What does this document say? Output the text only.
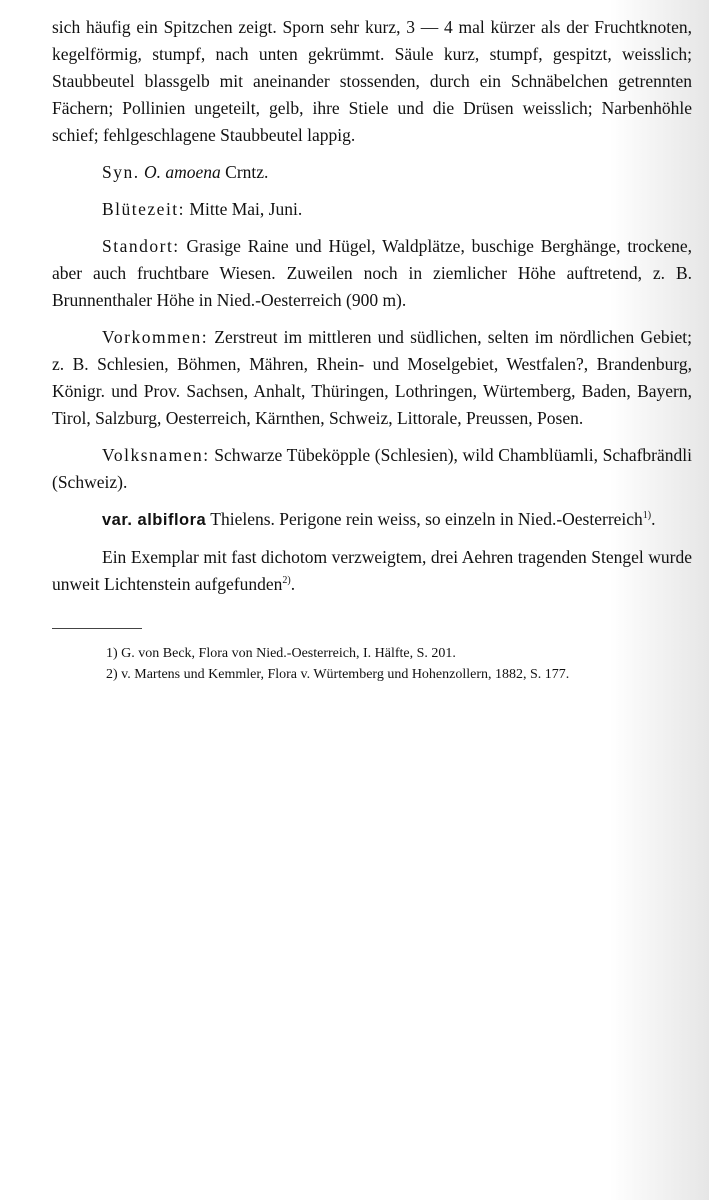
sich häufig ein Spitzchen zeigt. Sporn sehr kurz, 3 — 4 mal kürzer als der Fruchtknoten, kegelförmig, stumpf, nach unten gekrümmt. Säule kurz, stumpf, gespitzt, weisslich; Staubbeutel blassgelb mit aneinander stossenden, durch ein Schnäbelchen getrennten Fächern; Pollinien ungeteilt, gelb, ihre Stiele und die Drüsen weisslich; Narbenhöhle schief; fehlgeschlagene Staubbeutel lappig.

Syn. O. amoena Crntz.

Blütezeit: Mitte Mai, Juni.

Standort: Grasige Raine und Hügel, Waldplätze, buschige Berghänge, trockene, aber auch fruchtbare Wiesen. Zuweilen noch in ziemlicher Höhe auftretend, z. B. Brunnenthaler Höhe in Nied.-Oesterreich (900 m).

Vorkommen: Zerstreut im mittleren und südlichen, selten im nördlichen Gebiet; z. B. Schlesien, Böhmen, Mähren, Rhein- und Moselgebiet, Westfalen?, Brandenburg, Königr. und Prov. Sachsen, Anhalt, Thüringen, Lothringen, Würtemberg, Baden, Bayern, Tirol, Salzburg, Oesterreich, Kärnthen, Schweiz, Littorale, Preussen, Posen.

Volksnamen: Schwarze Tübeköpple (Schlesien), wild Chamblüamli, Schafbrändli (Schweiz).

var. albiflora Thielens. Perigone rein weiss, so einzeln in Nied.-Oesterreich$^{1)}$.

Ein Exemplar mit fast dichotom verzweigtem, drei Aehren tragenden Stengel wurde unweit Lichtenstein aufgefunden$^{2)}$.

1) G. von Beck, Flora von Nied.-Oesterreich, I. Hälfte, S. 201.

2) v. Martens und Kemmler, Flora v. Würtemberg und Hohenzollern, 1882, S. 177.
